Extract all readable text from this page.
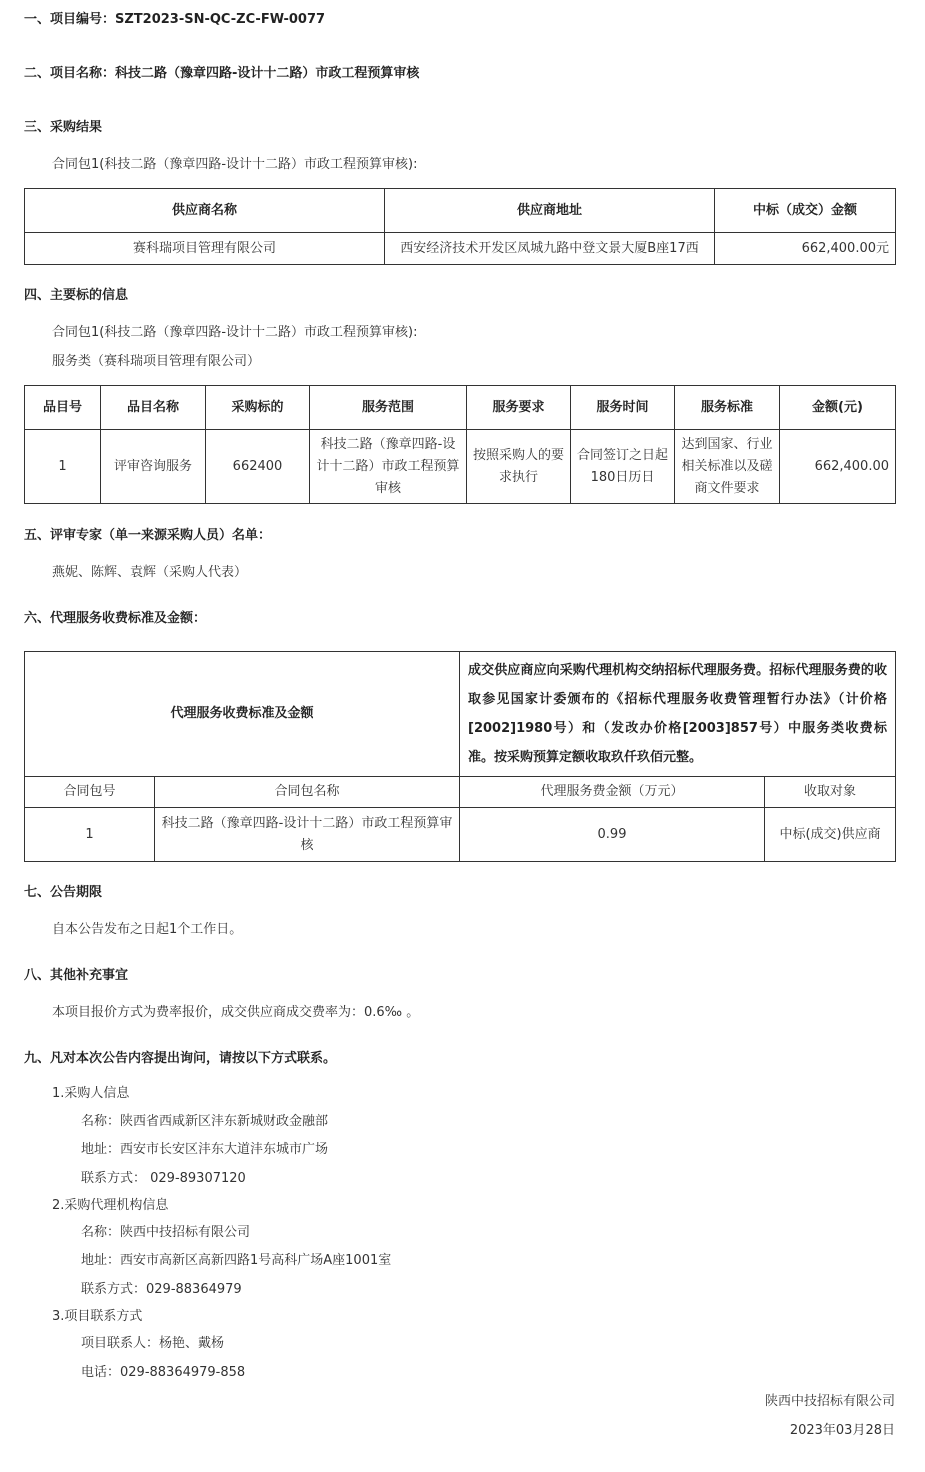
一、项目编号：SZT2023-SN-QC-ZC-FW-0077
二、项目名称：科技二路（豫章四路-设计十二路）市政工程预算审核
三、采购结果
合同包1(科技二路（豫章四路-设计十二路）市政工程预算审核):
供应商名称	供应商地址	中标（成交）金额
赛科瑞项目管理有限公司	西安经济技术开发区凤城九路中登文景大厦B座17西	662,400.00元
四、主要标的信息
合同包1(科技二路（豫章四路-设计十二路）市政工程预算审核):
服务类（赛科瑞项目管理有限公司）
品目号	品目名称	采购标的	服务范围	服务要求	服务时间	服务标准	金额(元)
1	评审咨询服务	662400	科技二路（豫章四路-设计十二路）市政工程预算审核	按照采购人的要求执行	合同签订之日起180日历日	达到国家、行业相关标准以及磋商文件要求	662,400.00
五、评审专家（单一来源采购人员）名单：
燕妮、陈辉、袁辉（采购人代表）
六、代理服务收费标准及金额：
代理服务收费标准及金额		成交供应商应向采购代理机构交纳招标代理服务费。招标代理服务费的收取参见国家计委颁布的《招标代理服务收费管理暂行办法》（计价格[2002]1980号）和（发改办价格[2003]857号）中服务类收费标准。按采购预算定额收取玖仟玖佰元整。	
合同包号	合同包名称	代理服务费金额（万元）	收取对象
1	科技二路（豫章四路-设计十二路）市政工程预算审核	0.99	中标(成交)供应商
七、公告期限
自本公告发布之日起1个工作日。
八、其他补充事宜
本项目报价方式为费率报价，成交供应商成交费率为：0.6‰ 。
九、凡对本次公告内容提出询问，请按以下方式联系。
1.采购人信息
名称：陕西省西咸新区沣东新城财政金融部
地址：西安市长安区沣东大道沣东城市广场
联系方式： 029-89307120
2.采购代理机构信息
名称：陕西中技招标有限公司
地址：西安市高新区高新四路1号高科广场A座1001室
联系方式：029-88364979
3.项目联系方式
项目联系人：杨艳、戴杨
电话：029-88364979-858
陕西中技招标有限公司
2023年03月28日
